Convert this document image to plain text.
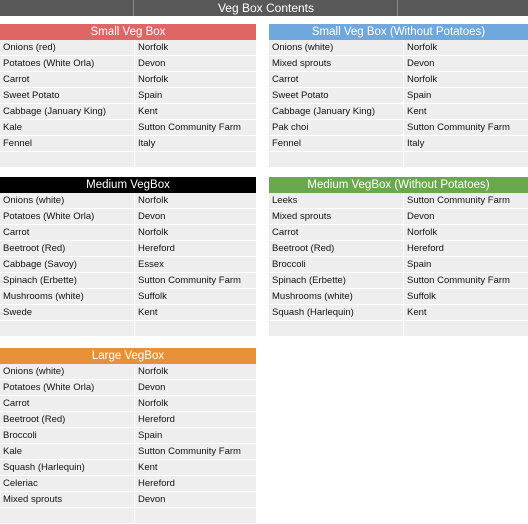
Veg Box Contents
Small Veg Box
Onions (red)	Norfolk
Potatoes (White Orla)	Devon
Carrot	Norfolk
Sweet Potato	Spain
Cabbage (January King)	Kent
Kale	Sutton Community Farm
Fennel	Italy
Small Veg Box (Without Potatoes)
Onions (white)	Norfolk
Mixed sprouts	Devon
Carrot	Norfolk
Sweet Potato	Spain
Cabbage (January King)	Kent
Pak choi	Sutton Community Farm
Fennel	Italy
Medium VegBox
Onions (white)	Norfolk
Potatoes (White Orla)	Devon
Carrot	Norfolk
Beetroot (Red)	Hereford
Cabbage (Savoy)	Essex
Spinach (Erbette)	Sutton Community Farm
Mushrooms (white)	Suffolk
Swede	Kent
Medium VegBox (Without Potatoes)
Leeks	Sutton Community Farm
Mixed sprouts	Devon
Carrot	Norfolk
Beetroot (Red)	Hereford
Broccoli	Spain
Spinach (Erbette)	Sutton Community Farm
Mushrooms (white)	Suffolk
Squash (Harlequin)	Kent
Large VegBox
Onions (white)	Norfolk
Potatoes (White Orla)	Devon
Carrot	Norfolk
Beetroot (Red)	Hereford
Broccoli	Spain
Kale	Sutton Community Farm
Squash (Harlequin)	Kent
Celeriac	Hereford
Mixed sprouts	Devon
